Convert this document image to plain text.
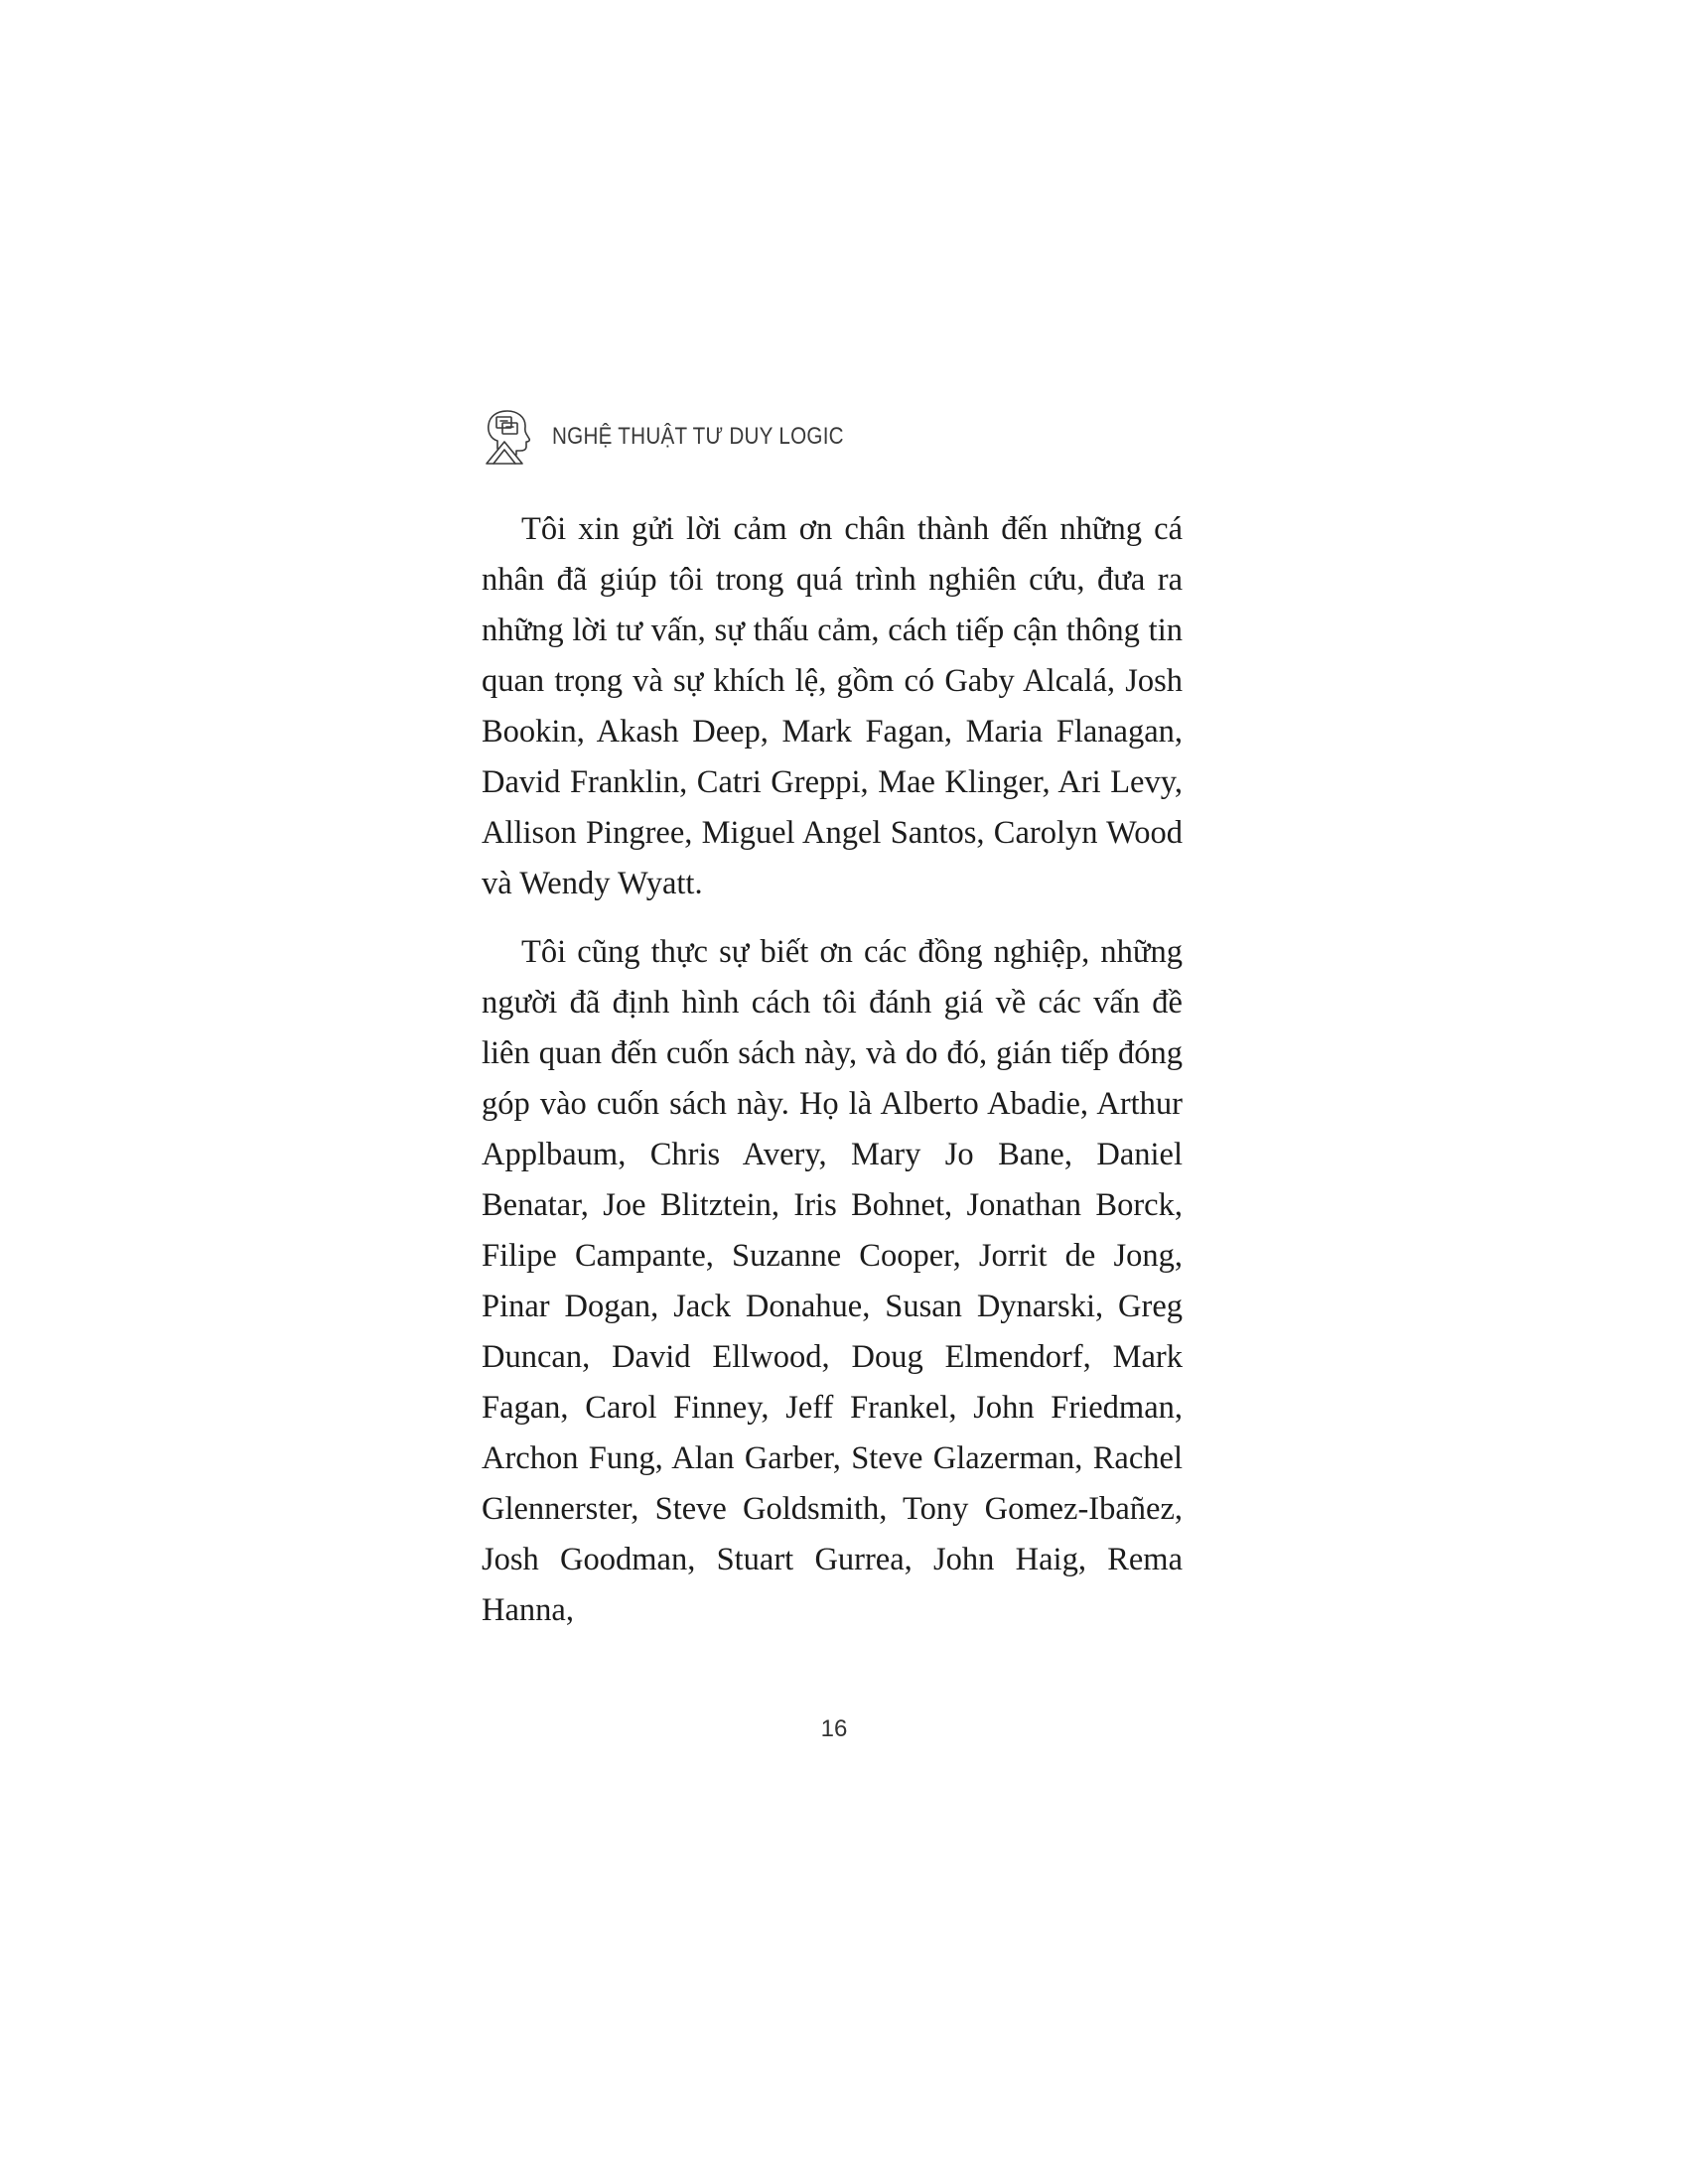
NGHỆ THUẬT TƯ DUY LOGIC

Tôi xin gửi lời cảm ơn chân thành đến những cá nhân đã giúp tôi trong quá trình nghiên cứu, đưa ra những lời tư vấn, sự thấu cảm, cách tiếp cận thông tin quan trọng và sự khích lệ, gồm có Gaby Alcalá, Josh Bookin, Akash Deep, Mark Fagan, Maria Flanagan, David Franklin, Catri Greppi, Mae Klinger, Ari Levy, Allison Pingree, Miguel Angel Santos, Carolyn Wood và Wendy Wyatt.

Tôi cũng thực sự biết ơn các đồng nghiệp, những người đã định hình cách tôi đánh giá về các vấn đề liên quan đến cuốn sách này, và do đó, gián tiếp đóng góp vào cuốn sách này. Họ là Alberto Abadie, Arthur Applbaum, Chris Avery, Mary Jo Bane, Daniel Benatar, Joe Blitztein, Iris Bohnet, Jonathan Borck, Filipe Campante, Suzanne Cooper, Jorrit de Jong, Pinar Dogan, Jack Donahue, Susan Dynarski, Greg Duncan, David Ellwood, Doug Elmendorf, Mark Fagan, Carol Finney, Jeff Frankel, John Friedman, Archon Fung, Alan Garber, Steve Glazerman, Rachel Glennerster, Steve Goldsmith, Tony Gomez-Ibañez, Josh Goodman, Stuart Gurrea, John Haig, Rema Hanna,

16
